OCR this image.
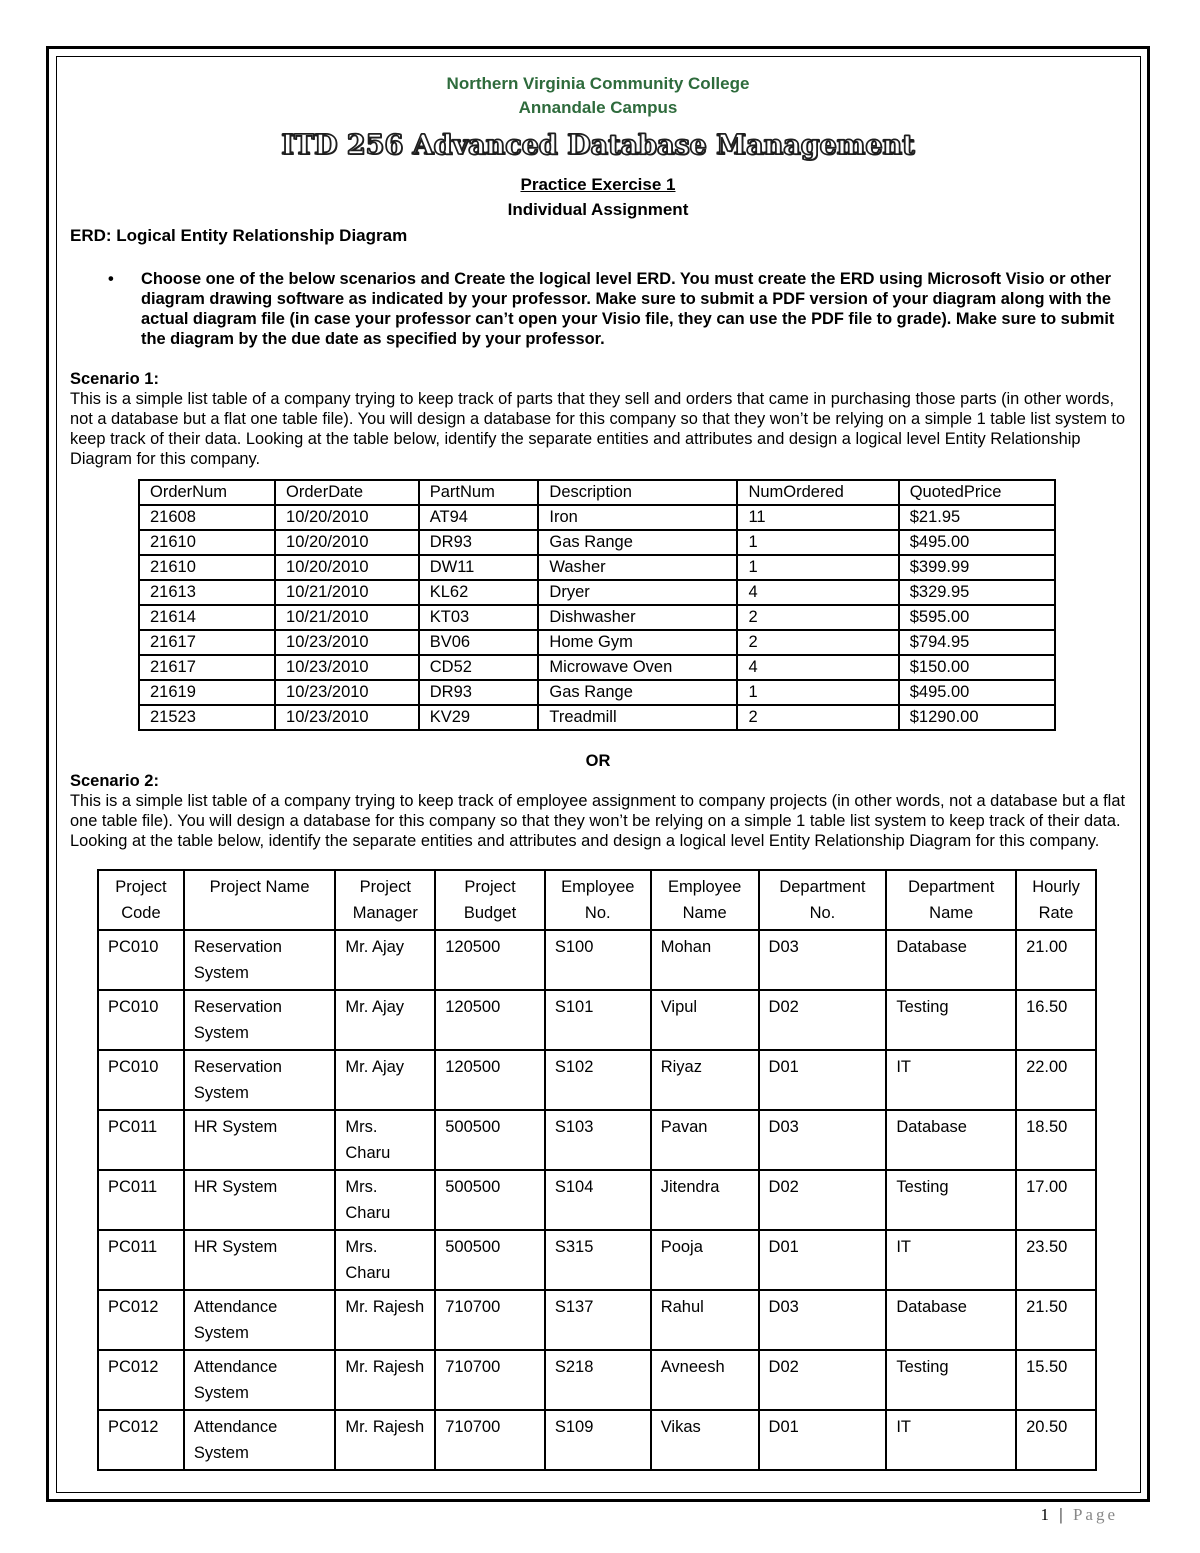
Northern Virginia Community College
Annandale Campus
ITD 256 Advanced Database Management
Practice Exercise 1
Individual Assignment
ERD: Logical Entity Relationship Diagram
•	Choose one of the below scenarios and Create the logical level ERD. You must create the ERD using Microsoft Visio or other diagram drawing software as indicated by your professor. Make sure to submit a PDF version of your diagram along with the actual diagram file (in case your professor can’t open your Visio file, they can use the PDF file to grade). Make sure to submit the diagram by the due date as specified by your professor.
Scenario 1:
This is a simple list table of a company trying to keep track of parts that they sell and orders that came in purchasing those parts (in other words, not a database but a flat one table file). You will design a database for this company so that they won’t be relying on a simple 1 table list system to keep track of their data. Looking at the table below, identify the separate entities and attributes and design a logical level Entity Relationship Diagram for this company.
OrderNum	OrderDate	PartNum	Description	NumOrdered	QuotedPrice
21608	10/20/2010	AT94	Iron	11	$21.95
21610	10/20/2010	DR93	Gas Range	1	$495.00
21610	10/20/2010	DW11	Washer	1	$399.99
21613	10/21/2010	KL62	Dryer	4	$329.95
21614	10/21/2010	KT03	Dishwasher	2	$595.00
21617	10/23/2010	BV06	Home Gym	2	$794.95
21617	10/23/2010	CD52	Microwave Oven	4	$150.00
21619	10/23/2010	DR93	Gas Range	1	$495.00
21523	10/23/2010	KV29	Treadmill	2	$1290.00
OR
Scenario 2:
This is a simple list table of a company trying to keep track of employee assignment to company projects (in other words, not a database but a flat one table file). You will design a database for this company so that they won’t be relying on a simple 1 table list system to keep track of their data. Looking at the table below, identify the separate entities and attributes and design a logical level Entity Relationship Diagram for this company.
Project Code	Project Name	Project Manager	Project Budget	Employee No.	Employee Name	Department No.	Department Name	Hourly Rate
PC010	Reservation System	Mr. Ajay	120500	S100	Mohan	D03	Database	21.00
PC010	Reservation System	Mr. Ajay	120500	S101	Vipul	D02	Testing	16.50
PC010	Reservation System	Mr. Ajay	120500	S102	Riyaz	D01	IT	22.00
PC011	HR System	Mrs. Charu	500500	S103	Pavan	D03	Database	18.50
PC011	HR System	Mrs. Charu	500500	S104	Jitendra	D02	Testing	17.00
PC011	HR System	Mrs. Charu	500500	S315	Pooja	D01	IT	23.50
PC012	Attendance System	Mr. Rajesh	710700	S137	Rahul	D03	Database	21.50
PC012	Attendance System	Mr. Rajesh	710700	S218	Avneesh	D02	Testing	15.50
PC012	Attendance System	Mr. Rajesh	710700	S109	Vikas	D01	IT	20.50
1 | Page
